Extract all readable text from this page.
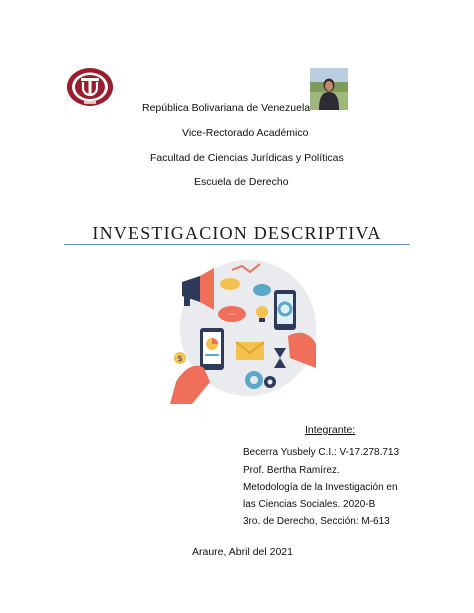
República Bolivariana de Venezuela
Vice-Rectorado Académico
Facultad de Ciencias Jurídicas y Políticas
Escuela de Derecho
INVESTIGACION DESCRIPTIVA
···
$
Integrante:
Becerra Yusbely C.I.: V-17.278.713
Prof. Bertha Ramírez.
Metodología de la Investigación en
las Ciencias Sociales. 2020-B
3ro. de Derecho, Sección: M-613
Araure, Abril del 2021
